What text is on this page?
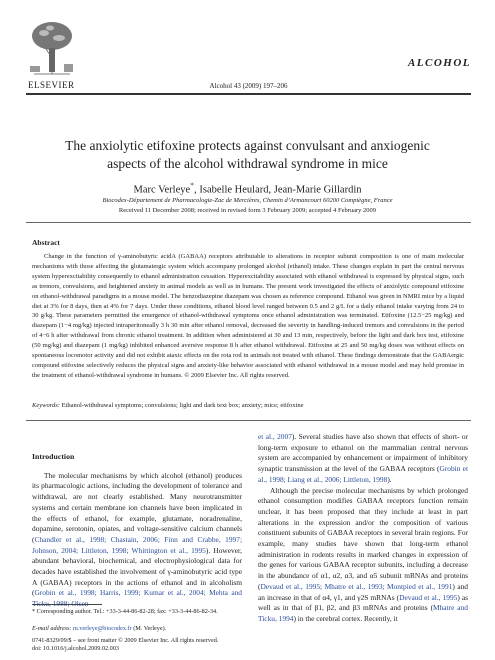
ELSEVIER
ALCOHOL
Alcohol 43 (2009) 197–206
The anxiolytic etifoxine protects against convulsant and anxiogenic
aspects of the alcohol withdrawal syndrome in mice
Marc Verleye*, Isabelle Heulard, Jean-Marie Gillardin
Biocodex-Département de Pharmacologie-Zac de Mercières, Chemin d’Armancourt 60200 Compiègne, France
Received 11 December 2008; received in revised form 3 February 2009; accepted 4 February 2009
Abstract
Change in the function of γ-aminobutyric acidA (GABAA) receptors attributable to alterations in receptor subunit composition is one of main molecular mechanisms with those affecting the glutamatergic system which accompany prolonged alcohol (ethanol) intake. These changes explain in part the central nervous system hyperexcitability consequently to ethanol administration cessation. Hyperexcitability associated with ethanol withdrawal is expressed by physical signs, such as tremors, convulsions, and heightened anxiety in animal models as well as in humans. The present work investigated the effects of anxiolytic compound etifoxine on ethanol-withdrawal paradigms in a mouse model. The benzodiazepine diazepam was chosen as reference compound. Ethanol was given in NMRI mice by a liquid diet at 3% for 8 days, then at 4% for 7 days. Under these conditions, ethanol blood level ranged between 0.5 and 2 g/L for a daily ethanol intake varying from 24 to 30 g/kg. These parameters permitted the emergence of ethanol-withdrawal symptoms once ethanol administration was terminated. Etifoxine (12.5−25 mg/kg) and diazepam (1−4 mg/kg) injected intraperitoneally 3 h 30 min after ethanol removal, decreased the severity in handling-induced tremors and convulsions in the period of 4−6 h after withdrawal from chronic ethanol treatment. In addition when administered at 30 and 13 min, respectively, before the light and dark box test, etifoxine (50 mg/kg) and diazepam (1 mg/kg) inhibited enhanced aversive response 8 h after ethanol withdrawal. Etifoxine at 25 and 50 mg/kg doses was without effects on spontaneous locomotor activity and did not exhibit ataxic effects on the rota rod in animals not treated with ethanol. These findings demonstrate that the GABAergic compound etifoxine selectively reduces the physical signs and anxiety-like behavior associated with ethanol withdrawal in a mouse model and may hold promise in the treatment of ethanol-withdrawal syndrome in humans. © 2009 Elsevier Inc. All rights reserved.
Keywords: Ethanol-withdrawal symptoms; convulsions; light and dark text box; anxiety; mice; etifoxine
Introduction
The molecular mechanisms by which alcohol (ethanol) produces its pharmacologic actions, including the development of tolerance and withdrawal, are not clearly established. Many neurotransmitter systems and certain membrane ion channels have been implicated in the effects of ethanol, for example, glutamate, noradrenaline, dopamine, serotonin, opiates, and voltage-sensitive calcium channels (Chandler et al., 1998; Chastain, 2006; Finn and Crabbe, 1997; Johnson, 2004; Littleton, 1998; Whittington et al., 1995). However, abundant behavioral, biochemical, and electrophysiological data for decades have established the involvement of γ-aminobutyric acid type A (GABAA) receptors in the actions of ethanol and in alcoholism (Grobin et al., 1998; Harris, 1999; Kumar et al., 2004; Mehta and Ticku, 1988; Olsen
et al., 2007). Several studies have also shown that effects of short- or long-term exposure to ethanol on the mammalian central nervous system are accompanied by enhancement or impairment of inhibitory synaptic transmission at the level of the GABAA receptors (Grobin et al., 1998; Liang et al., 2006; Littleton, 1998).
Although the precise molecular mechanisms by which prolonged ethanol consumption modifies GABAA receptors function remain unclear, it has been proposed that they include at least in part alterations in the expression and/or the composition of various constituent subunits of GABAA receptors in several brain regions. For example, many studies have shown that long-term ethanol administration in rodents results in marked changes in expression of the genes for various GABAA receptor subunits, including a decrease in the abundance of α1, α2, α3, and α5 subunit mRNAs and proteins (Devaud et al., 1995; Mhatre et al., 1993; Montpied et al., 1991) and an increase in that of α4, γ1, and γ2S mRNAs (Devaud et al., 1995) as well as in that of β1, β2, and β3 mRNAs and proteins (Mhatre and Ticku, 1994) in the cerebral cortex. Recently, it
* Corresponding author. Tel.: +33-3-44-86-82-28; fax: +33-3-44-86-82-34.
E-mail address: m.verleye@biocodex.fr (M. Verleye).
0741-8329/09/$ – see front matter © 2009 Elsevier Inc. All rights reserved.
doi: 10.1016/j.alcohol.2009.02.003
